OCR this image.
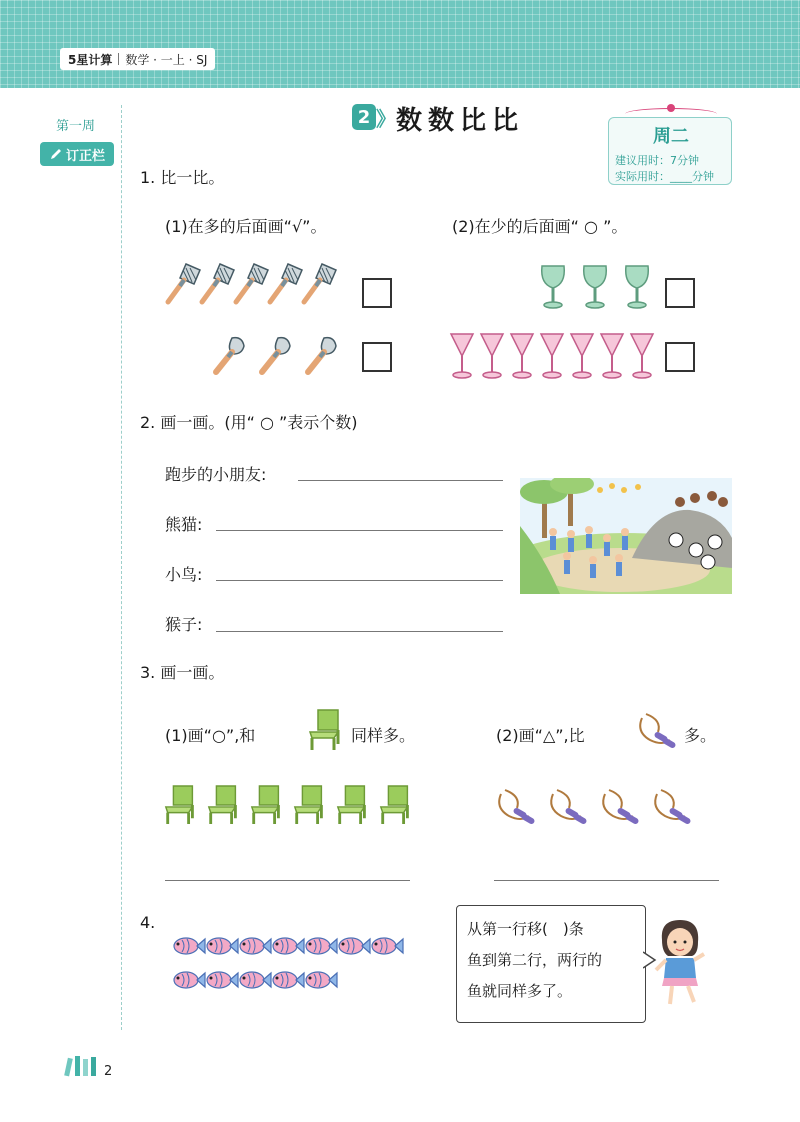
5星计算 数学 · 一上 · SJ
第一周
订正栏
2 》 数数比比
周二
建议用时：7分钟
实际用时：____分钟
1. 比一比。
(1)在多的后面画“√”。	(2)在少的后面画“ ○ ”。
2. 画一画。(用“ ○ ”表示个数)
跑步的小朋友:
熊猫:
小鸟:
猴子:
3. 画一画。
(1)画“○”,和	同样多。	(2)画“△”,比	多。
4.	从第一行移(　)条
鱼到第二行，两行的
鱼就同样多了。
2
